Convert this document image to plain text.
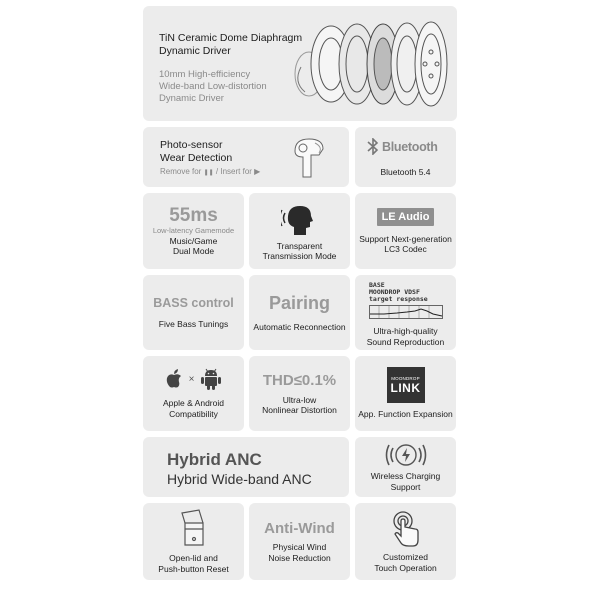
TiN Ceramic Dome Diaphragm
Dynamic Driver
10mm High-efficiency
Wide-band Low-distortion
Dynamic Driver
Photo-sensor
Wear Detection
Remove for ❚❚ / Insert for ▶
Bluetooth
Bluetooth 5.4
55ms
Low-latency Gamemode
Music/Game
Dual Mode
Transparent
Transmission Mode
LE Audio
Support Next-generation
LC3 Codec
BASS control
Five Bass Tunings
Pairing
Automatic Reconnection
BASE
MOONDROP VDSF
target response
Ultra-high-quality
Sound Reproduction
×
Apple & Android
Compatibility
THD≤0.1%
Ultra-low
Nonlinear Distortion
MOONDROP
LINK
App. Function Expansion
Hybrid ANC
Hybrid Wide-band ANC	Wireless Charging
Support
Open-lid and
Push-button Reset
Anti-Wind
Physical Wind
Noise Reduction	Customized
Touch Operation
